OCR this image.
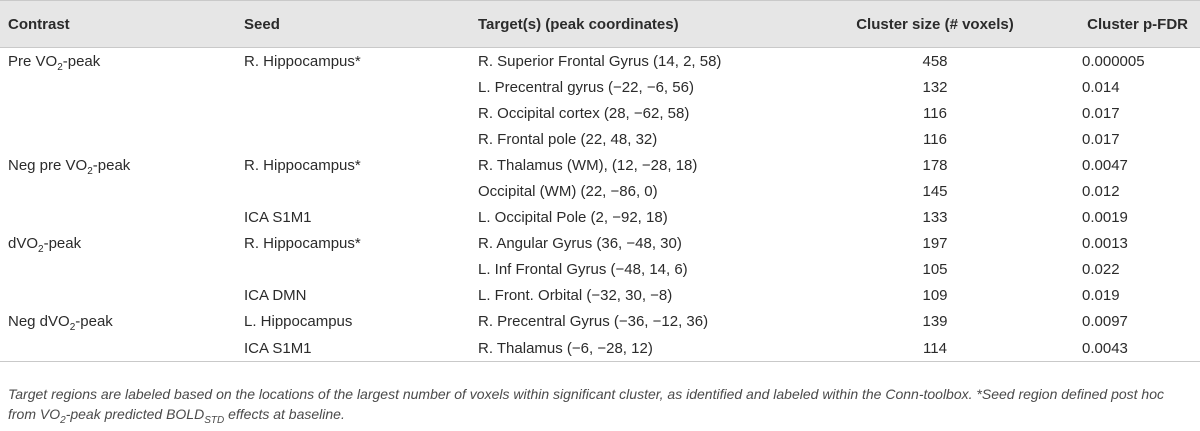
Contrast	Seed	Target(s) (peak coordinates)	Cluster size (# voxels)	Cluster p-FDR
Pre $VO_2$-peak	R. Hippocampus*	R. Superior Frontal Gyrus (14, 2, 58)	458	0.000005
		L. Precentral gyrus (−22, −6, 56)	132	0.014
		R. Occipital cortex (28, −62, 58)	116	0.017
		R. Frontal pole (22, 48, 32)	116	0.017
Neg pre $VO_2$-peak	R. Hippocampus*	R. Thalamus (WM), (12, −28, 18)	178	0.0047
		Occipital (WM) (22, −86, 0)	145	0.012
	ICA S1M1	L. Occipital Pole (2, −92, 18)	133	0.0019
dVO$_2$-peak	R. Hippocampus*	R. Angular Gyrus (36, −48, 30)	197	0.0013
		L. Inf Frontal Gyrus (−48, 14, 6)	105	0.022
	ICA DMN	L. Front. Orbital (−32, 30, −8)	109	0.019
Neg dVO$_2$-peak	L. Hippocampus	R. Precentral Gyrus (−36, −12, 36)	139	0.0097
	ICA S1M1	R. Thalamus (−6, −28, 12)	114	0.0043
Target regions are labeled based on the locations of the largest number of voxels within significant cluster, as identified and labeled within the Conn-toolbox. *Seed region defined post hoc from $VO_2$-peak predicted $BOLD_{STD}$ effects at baseline.
